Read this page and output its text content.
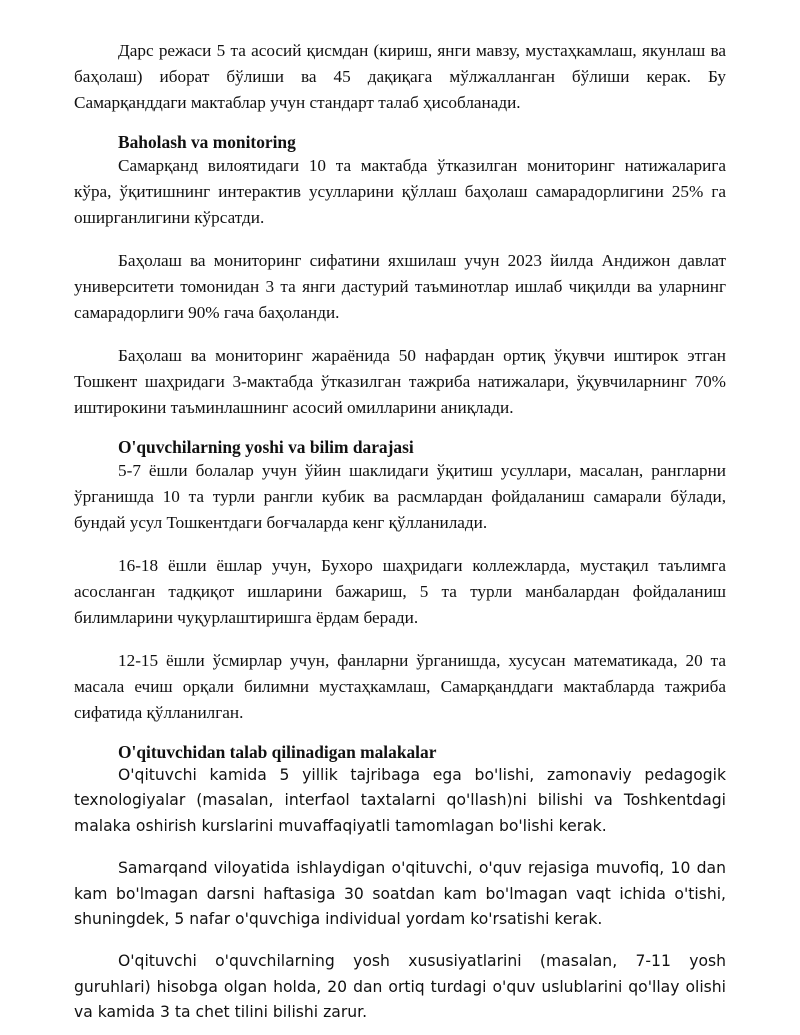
Дарс режаси 5 та асосий қисмдан (кириш, янги мавзу, мустаҳкамлаш, якунлаш ва баҳолаш) иборат бўлиши ва 45 дақиқага мўлжалланган бўлиши керак. Бу Самарқанддаги мактаблар учун стандарт талаб ҳисобланади.

Baholash va monitoring

Самарқанд вилоятидаги 10 та мактабда ўтказилган мониторинг натижаларига кўра, ўқитишнинг интерактив усулларини қўллаш баҳолаш самарадорлигини 25% га оширганлигини кўрсатди.

Баҳолаш ва мониторинг сифатини яхшилаш учун 2023 йилда Андижон давлат университети томонидан 3 та янги дастурий таъминотлар ишлаб чиқилди ва уларнинг самарадорлиги 90% гача баҳоланди.

Баҳолаш ва мониторинг жараёнида 50 нафардан ортиқ ўқувчи иштирок этган Тошкент шаҳридаги 3-мактабда ўтказилган тажриба натижалари, ўқувчиларнинг 70% иштирокини таъминлашнинг асосий омилларини аниқлади.

O'quvchilarning yoshi va bilim darajasi

5-7 ёшли болалар учун ўйин шаклидаги ўқитиш усуллари, масалан, рангларни ўрганишда 10 та турли рангли кубик ва расмлардан фойдаланиш самарали бўлади, бундай усул Тошкентдаги боғчаларда кенг қўлланилади.

16-18 ёшли ёшлар учун, Бухоро шаҳридаги коллежларда, мустақил таълимга асосланган тадқиқот ишларини бажариш, 5 та турли манбалардан фойдаланиш билимларини чуқурлаштиришга ёрдам беради.

12-15 ёшли ўсмирлар учун, фанларни ўрганишда, хусусан математикада, 20 та масала ечиш орқали билимни мустаҳкамлаш, Самарқанддаги мактабларда тажриба сифатида қўлланилган.

O'qituvchidan talab qilinadigan malakalar

O'qituvchi kamida 5 yillik tajribaga ega bo'lishi, zamonaviy pedagogik texnologiyalar (masalan, interfaol taxtalarni qo'llash)ni bilishi va Toshkentdagi malaka oshirish kurslarini muvaffaqiyatli tamomlagan bo'lishi kerak.

Samarqand viloyatida ishlaydigan o'qituvchi, o'quv rejasiga muvofiq, 10 dan kam bo'lmagan darsni haftasiga 30 soatdan kam bo'lmagan vaqt ichida o'tishi, shuningdek, 5 nafar o'quvchiga individual yordam ko'rsatishi kerak.

O'qituvchi o'quvchilarning yosh xususiyatlarini (masalan, 7-11 yosh guruhlari) hisobga olgan holda, 20 dan ortiq turdagi o'quv uslublarini qo'llay olishi va kamida 3 ta chet tilini bilishi zarur.
